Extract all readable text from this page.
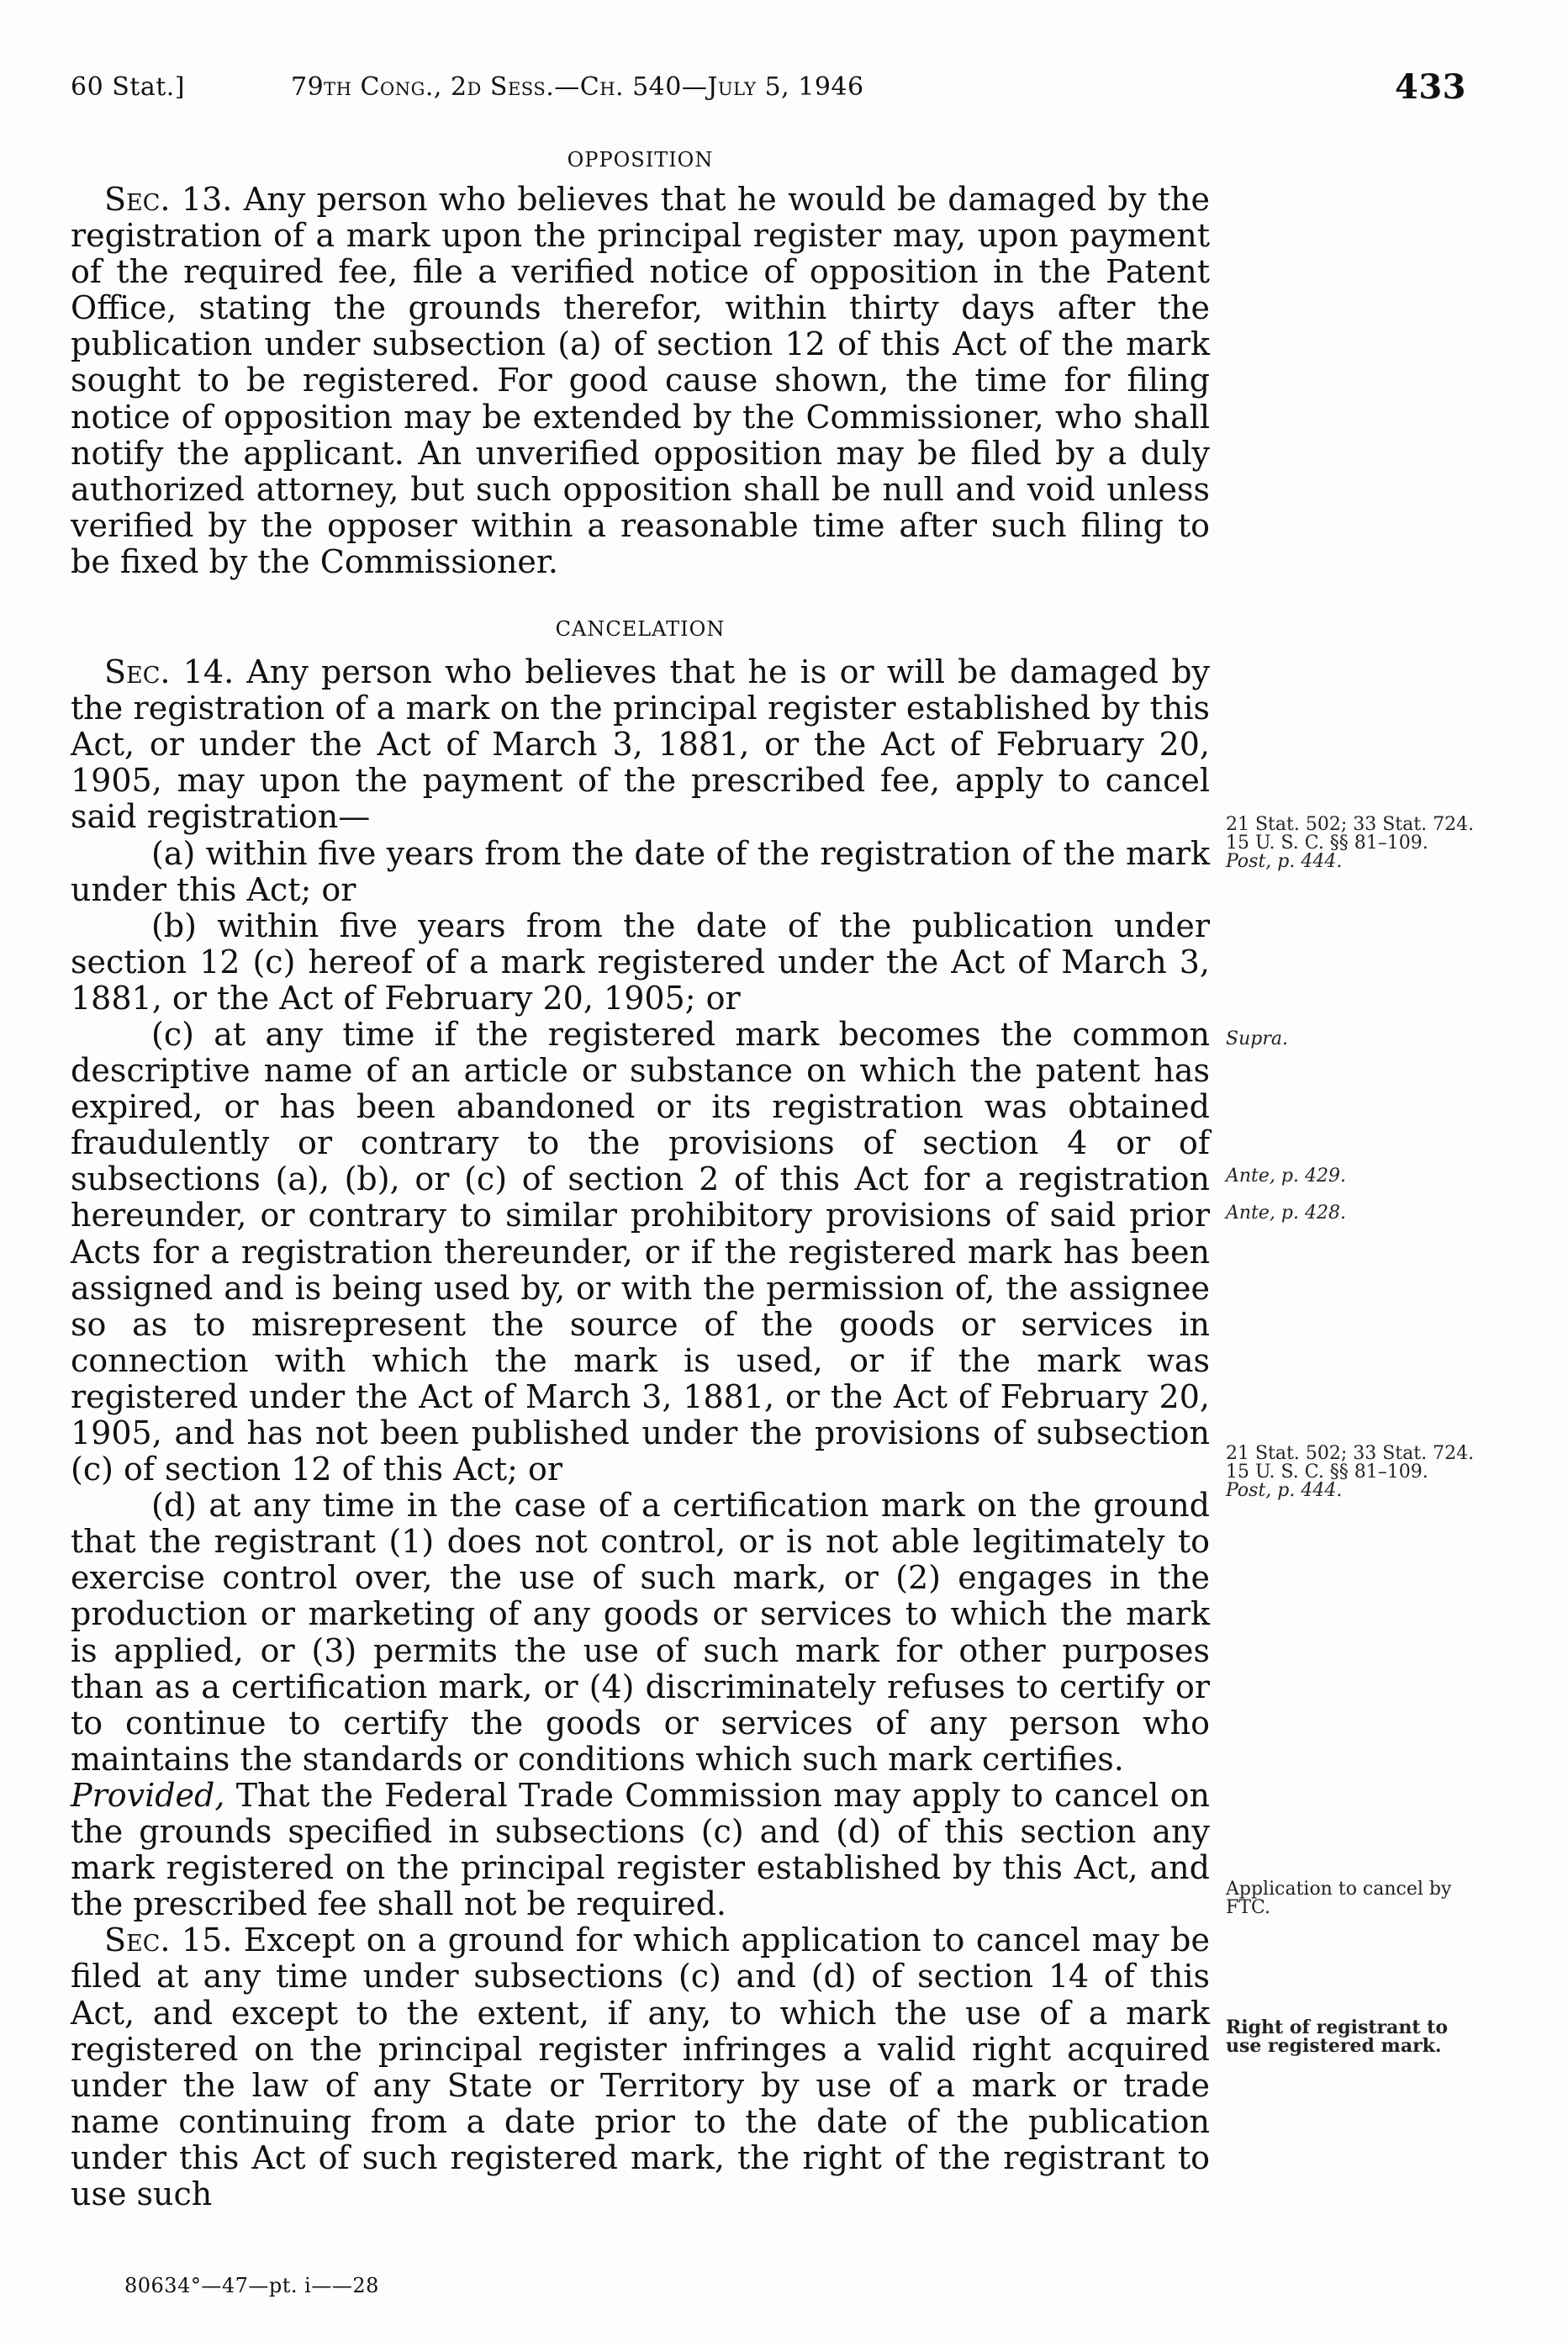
60 Stat.]	79th Cong., 2d Sess.—Ch. 540—July 5, 1946	433
OPPOSITION

Sec. 13. Any person who believes that he would be damaged by the registration of a mark upon the principal register may, upon payment of the required fee, file a verified notice of opposition in the Patent Office, stating the grounds therefor, within thirty days after the publication under subsection (a) of section 12 of this Act of the mark sought to be registered. For good cause shown, the time for filing notice of opposition may be extended by the Commissioner, who shall notify the applicant. An unverified opposition may be filed by a duly authorized attorney, but such opposition shall be null and void unless verified by the opposer within a reasonable time after such filing to be fixed by the Commissioner.

CANCELATION

Sec. 14. Any person who believes that he is or will be damaged by the registration of a mark on the principal register established by this Act, or under the Act of March 3, 1881, or the Act of February 20, 1905, may upon the payment of the prescribed fee, apply to cancel said registration—

(a) within five years from the date of the registration of the mark under this Act; or

(b) within five years from the date of the publication under section 12 (c) hereof of a mark registered under the Act of March 3, 1881, or the Act of February 20, 1905; or

(c) at any time if the registered mark becomes the common descriptive name of an article or substance on which the patent has expired, or has been abandoned or its registration was obtained fraudulently or contrary to the provisions of section 4 or of subsections (a), (b), or (c) of section 2 of this Act for a registration hereunder, or contrary to similar prohibitory provisions of said prior Acts for a registration thereunder, or if the registered mark has been assigned and is being used by, or with the permission of, the assignee so as to misrepresent the source of the goods or services in connection with which the mark is used, or if the mark was registered under the Act of March 3, 1881, or the Act of February 20, 1905, and has not been published under the provisions of subsection (c) of section 12 of this Act; or

(d) at any time in the case of a certification mark on the ground that the registrant (1) does not control, or is not able legitimately to exercise control over, the use of such mark, or (2) engages in the production or marketing of any goods or services to which the mark is applied, or (3) permits the use of such mark for other purposes than as a certification mark, or (4) discriminately refuses to certify or to continue to certify the goods or services of any person who maintains the standards or conditions which such mark certifies.

Provided, That the Federal Trade Commission may apply to cancel on the grounds specified in subsections (c) and (d) of this section any mark registered on the principal register established by this Act, and the prescribed fee shall not be required.

Sec. 15. Except on a ground for which application to cancel may be filed at any time under subsections (c) and (d) of section 14 of this Act, and except to the extent, if any, to which the use of a mark registered on the principal register infringes a valid right acquired under the law of any State or Territory by use of a mark or trade name continuing from a date prior to the date of the publication under this Act of such registered mark, the right of the registrant to use such

21 Stat. 502; 33 Stat. 724.
15 U. S. C. §§ 81–109.
Post, p. 444.
Supra.
Ante, p. 429.
Ante, p. 428.
21 Stat. 502; 33 Stat. 724.
15 U. S. C. §§ 81–109.
Post, p. 444.
Application to cancel by FTC.
Right of registrant to use registered mark.
80634°—47—pt. i——28
